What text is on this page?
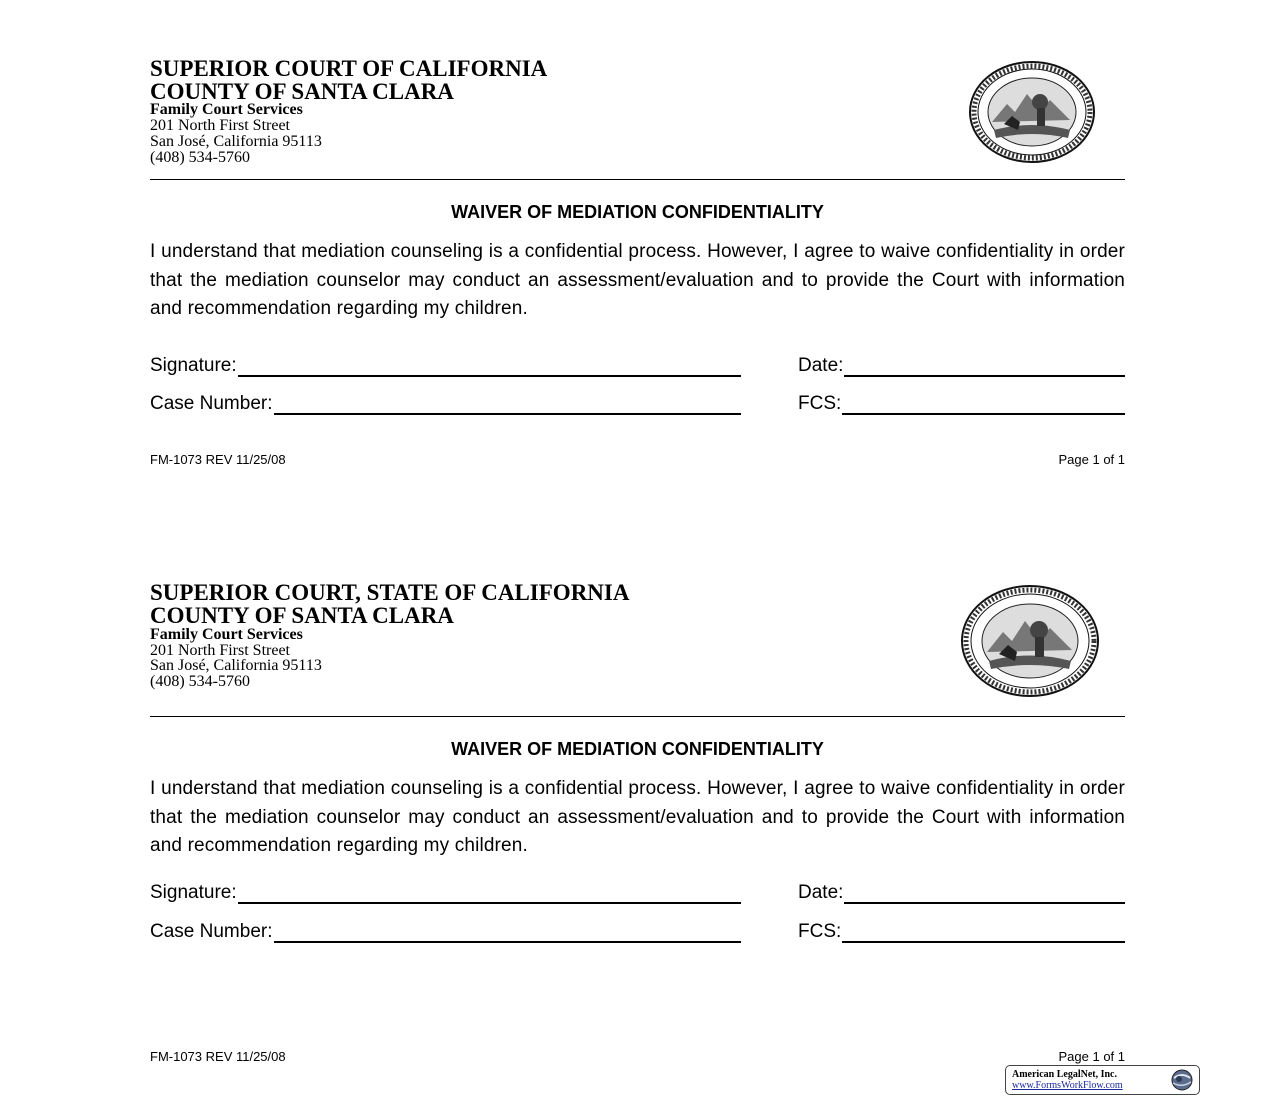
SUPERIOR COURT OF CALIFORNIA
COUNTY OF SANTA CLARA
Family Court Services
201 North First Street
San José, California 95113
(408) 534-5760
WAIVER OF MEDIATION CONFIDENTIALITY
I understand that mediation counseling is a confidential process. However, I agree to waive confidentiality in order that the mediation counselor may conduct an assessment/evaluation and to provide the Court with information and recommendation regarding my children.
Signature:	Date:
Case Number:	FCS:
FM-1073 REV 11/25/08	Page 1 of 1
SUPERIOR COURT, STATE OF CALIFORNIA
COUNTY OF SANTA CLARA
Family Court Services
201 North First Street
San José, California 95113
(408) 534-5760
WAIVER OF MEDIATION CONFIDENTIALITY
I understand that mediation counseling is a confidential process. However, I agree to waive confidentiality in order that the mediation counselor may conduct an assessment/evaluation and to provide the Court with information and recommendation regarding my children.
Signature:	Date:
Case Number:	FCS:
FM-1073 REV 11/25/08	Page 1 of 1
American LegalNet, Inc.
www.FormsWorkFlow.com
